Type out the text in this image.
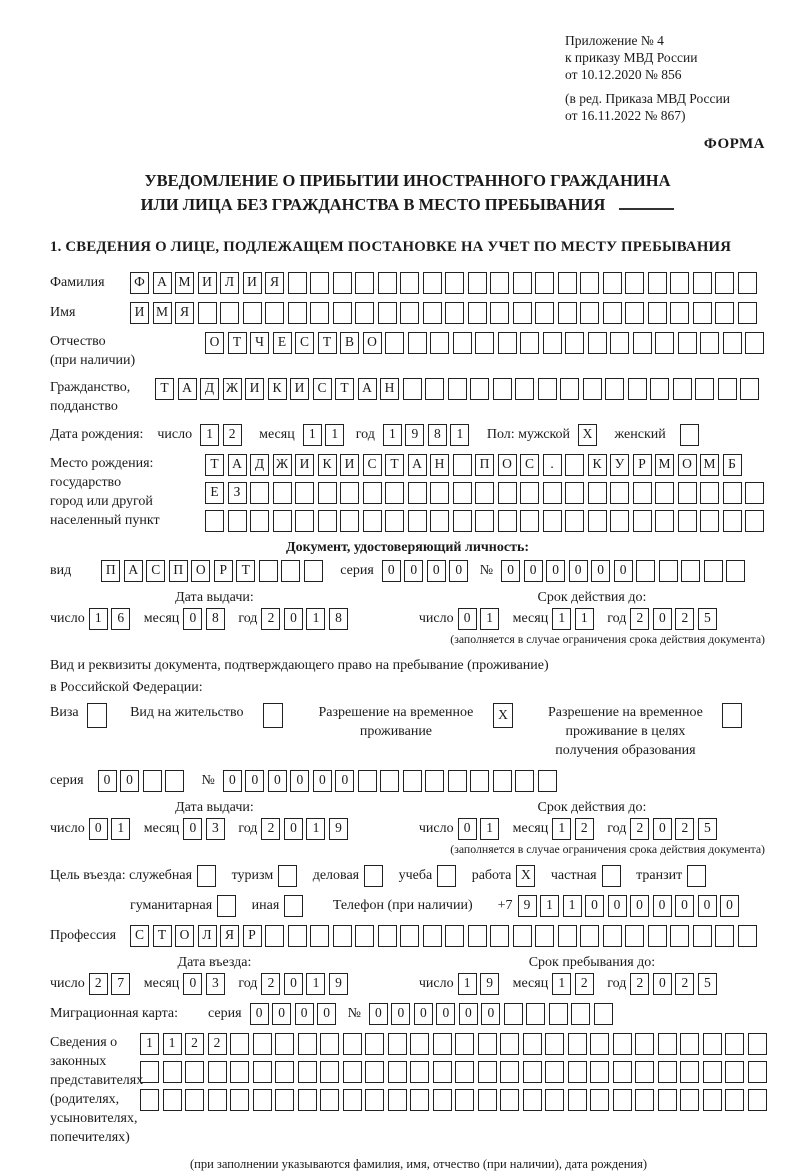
Приложение № 4
к приказу МВД России
от 10.12.2020 № 856
(в ред. Приказа МВД России
от 16.11.2022 № 867)
ФОРМА
УВЕДОМЛЕНИЕ О ПРИБЫТИИ ИНОСТРАННОГО ГРАЖДАНИНА
ИЛИ ЛИЦА БЕЗ ГРАЖДАНСТВА В МЕСТО ПРЕБЫВАНИЯ
1. СВЕДЕНИЯ О ЛИЦЕ, ПОДЛЕЖАЩЕМ ПОСТАНОВКЕ НА УЧЕТ ПО МЕСТУ ПРЕБЫВАНИЯ
Фамилия	Ф А М И Л И Я
Имя	И М Я
Отчество
(при наличии)
О	Т	Ч	Е	С	Т	В О
Гражданство,
подданство
Т	А Д Ж И К И С	Т	А Н
Дата рождения: число	1	2	месяц	1	1	год	1	9	8	1	Пол: мужской X	женский
Место рождения:
государство
город или другой
населенный пункт
Т	А Д Ж И К И С	Т	А Н	П О С	.	К У	Р М О М Б
Е	З
Документ, удостоверяющий личность:
вид	П А С П О	Р	Т	серия	0	0	0	0	№	0	0	0	0	0	0
Дата выдачи:
число 1	6	месяц 0	8	год 2	0	1	8
Срок действия до:
число 0	1	месяц 1	1	год 2	0	2	5
(заполняется в случае ограничения срока действия документа)
Вид и реквизиты документа, подтверждающего право на пребывание (проживание)
в Российской Федерации:
Виза	Вид на жительство	Разрешение на временное
проживание
X	Разрешение на временное
проживание в целях
получения образования
серия	0	0	№	0	0	0	0	0	0
Дата выдачи:
число 0	1	месяц 0	3	год 2	0	1	9
Срок действия до:
число 0	1	месяц 1	2	год 2	0	2	5
(заполняется в случае ограничения срока действия документа)
Цель въезда: служебная	туризм	деловая	учеба	работа X	частная	транзит
гуманитарная	иная	Телефон (при наличии) +7 9	1	1	0	0	0	0	0	0	0
Профессия	С	Т	О Л Я	Р
Дата въезда:
число 2	7	месяц 0	3	год 2	0	1	9
Срок пребывания до:
число 1	9	месяц 1	2	год 2	0	2	5
Миграционная карта: серия	0	0	0	0	№	0	0	0	0	0	0
Сведения о
законных
представителях
(родителях,
усыновителях,
попечителях)
1	1	2	2
(при заполнении указываются фамилия, имя, отчество (при наличии), дата рождения)
